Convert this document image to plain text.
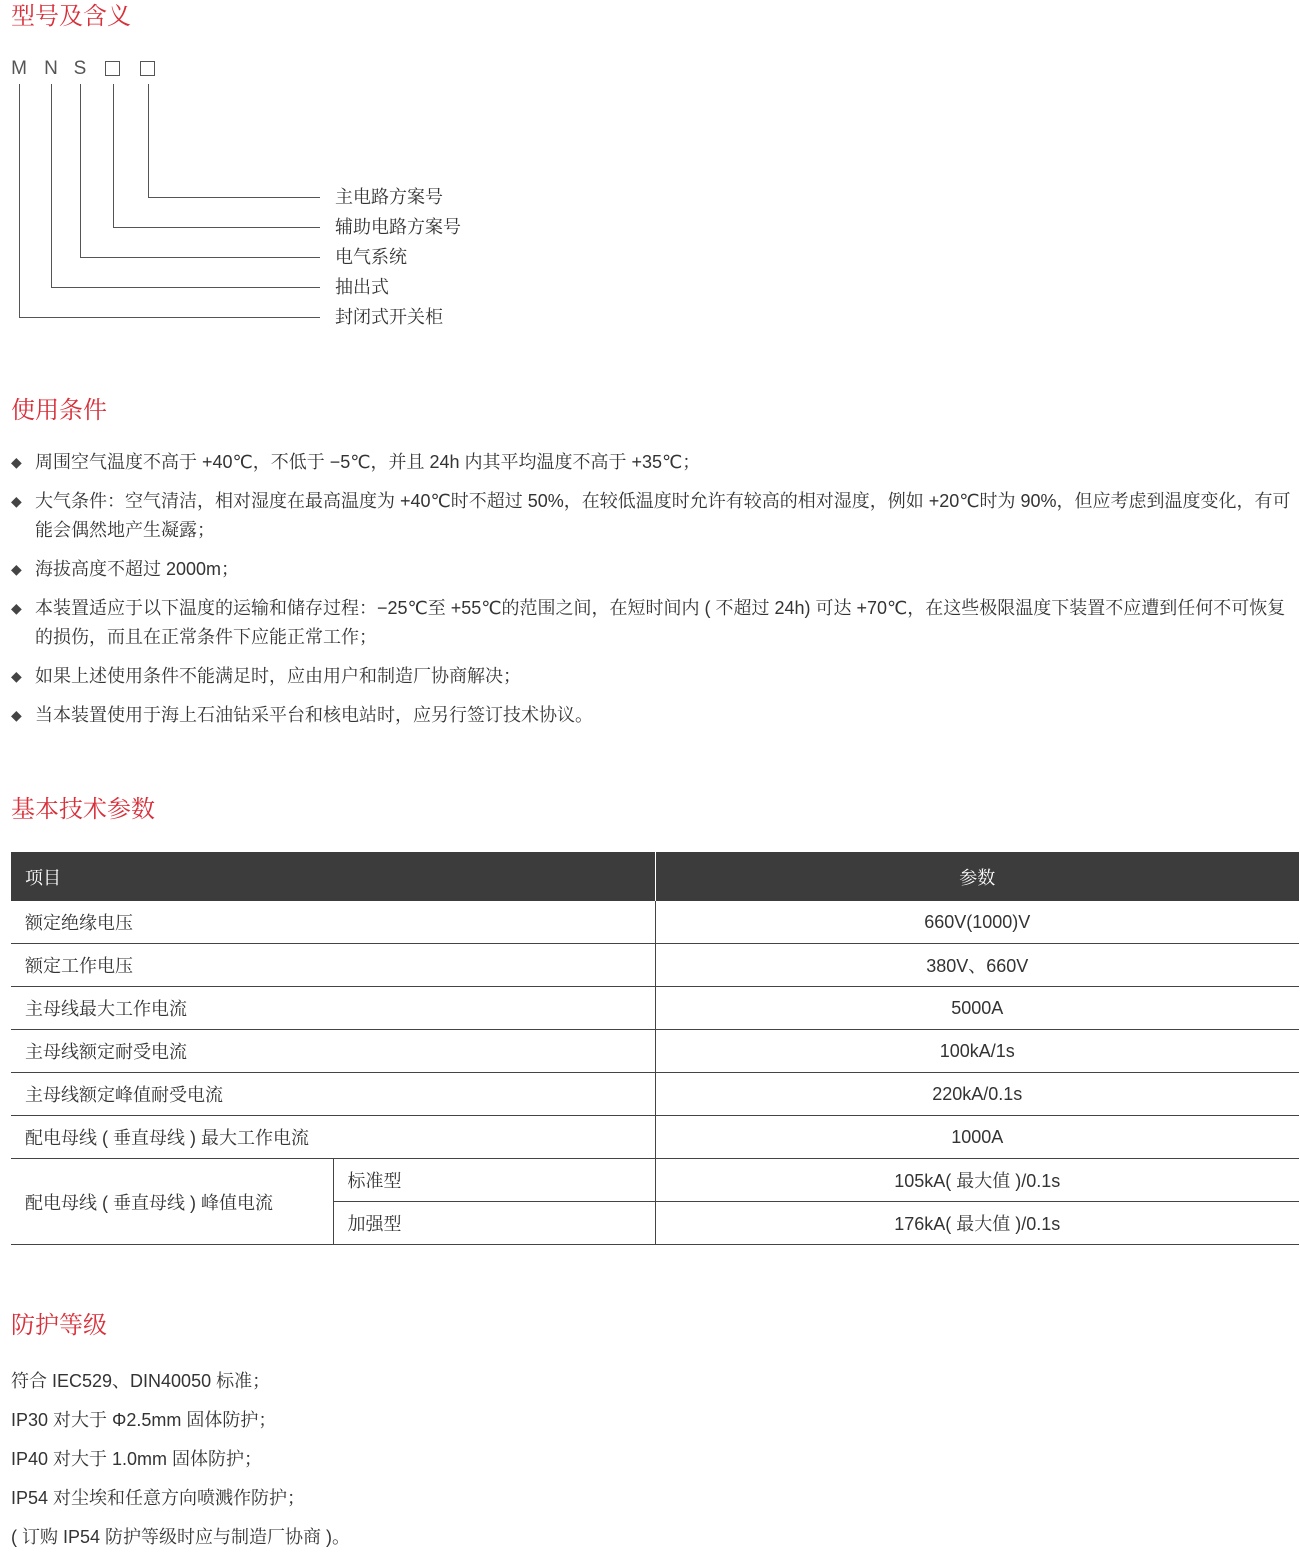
型号及含义
M N S
主电路方案号
辅助电路方案号
电气系统
抽出式
封闭式开关柜
使用条件
◆ 周围空气温度不高于 +40℃，不低于 −5℃，并且 24h 内其平均温度不高于 +35℃；
◆ 大气条件：空气清洁，相对湿度在最高温度为 +40℃时不超过 50%，在较低温度时允许有较高的相对湿度，例如 +20℃时为 90%，但应考虑到温度变化，有可能会偶然地产生凝露；
◆ 海拔高度不超过 2000m；
◆ 本装置适应于以下温度的运输和储存过程：−25℃至 +55℃的范围之间，在短时间内 ( 不超过 24h) 可达 +70℃，在这些极限温度下装置不应遭到任何不可恢复的损伤，而且在正常条件下应能正常工作；
◆ 如果上述使用条件不能满足时，应由用户和制造厂协商解决；
◆ 当本装置使用于海上石油钻采平台和核电站时，应另行签订技术协议。
基本技术参数
项目		参数
额定绝缘电压		660V(1000)V
额定工作电压		380V、660V
主母线最大工作电流		5000A
主母线额定耐受电流		100kA/1s
主母线额定峰值耐受电流		220kA/0.1s
配电母线 ( 垂直母线 ) 最大工作电流		1000A
配电母线 ( 垂直母线 ) 峰值电流	标准型	105kA( 最大值 )/0.1s
	加强型	176kA( 最大值 )/0.1s
防护等级
符合 IEC529、DIN40050 标准；
IP30 对大于 Φ2.5mm 固体防护；
IP40 对大于 1.0mm 固体防护；
IP54 对尘埃和任意方向喷溅作防护；
( 订购 IP54 防护等级时应与制造厂协商 )。
